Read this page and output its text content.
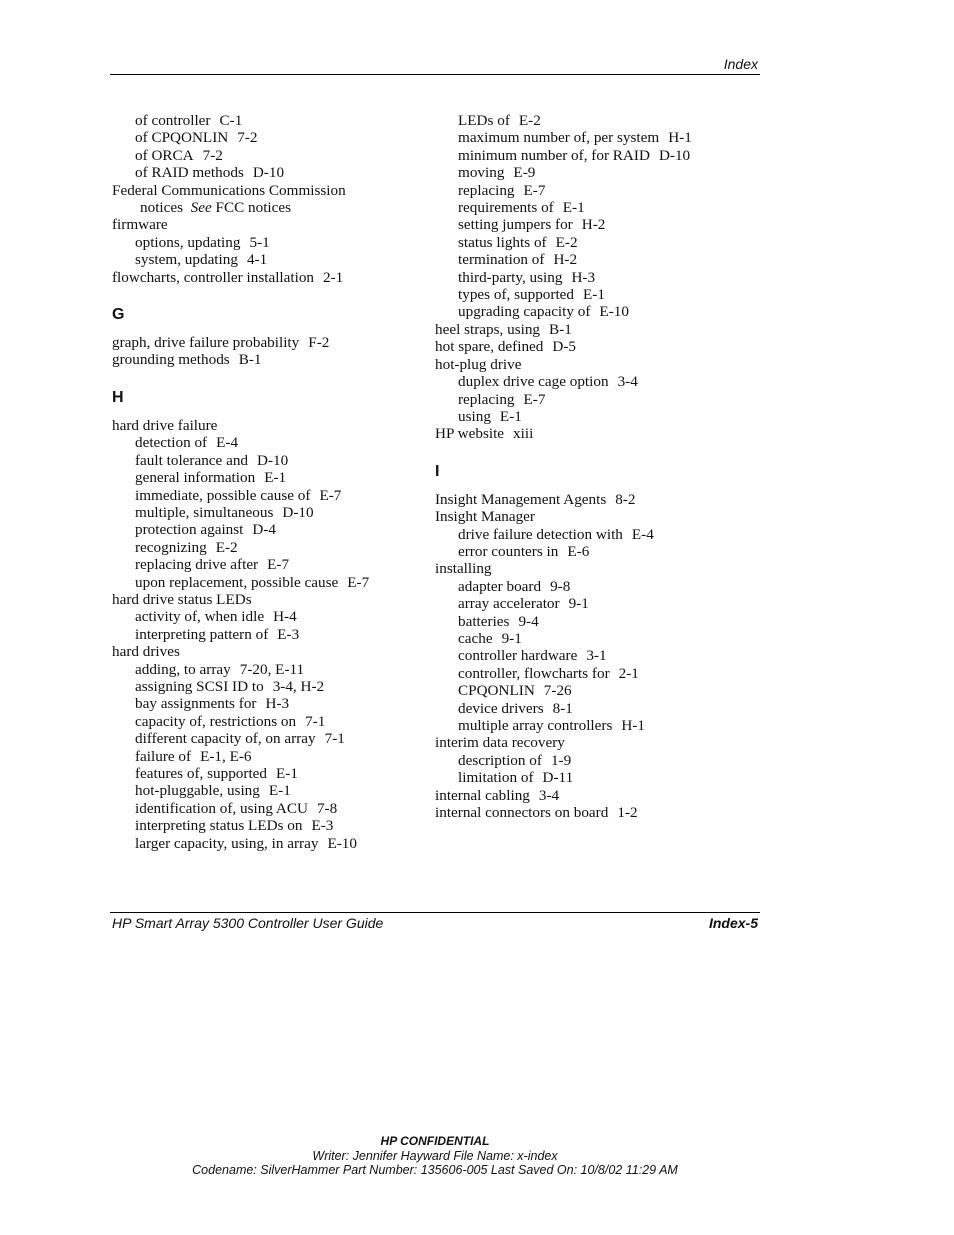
Index
of controller C-1
of CPQONLIN 7-2
of ORCA 7-2
of RAID methods D-10
Federal Communications Commission
notices See FCC notices
firmware
options, updating 5-1
system, updating 4-1
flowcharts, controller installation 2-1
G
graph, drive failure probability F-2
grounding methods B-1
H
hard drive failure
detection of E-4
fault tolerance and D-10
general information E-1
immediate, possible cause of E-7
multiple, simultaneous D-10
protection against D-4
recognizing E-2
replacing drive after E-7
upon replacement, possible cause E-7
hard drive status LEDs
activity of, when idle H-4
interpreting pattern of E-3
hard drives
adding, to array 7-20, E-11
assigning SCSI ID to 3-4, H-2
bay assignments for H-3
capacity of, restrictions on 7-1
different capacity of, on array 7-1
failure of E-1, E-6
features of, supported E-1
hot-pluggable, using E-1
identification of, using ACU 7-8
interpreting status LEDs on E-3
larger capacity, using, in array E-10
LEDs of E-2
maximum number of, per system H-1
minimum number of, for RAID D-10
moving E-9
replacing E-7
requirements of E-1
setting jumpers for H-2
status lights of E-2
termination of H-2
third-party, using H-3
types of, supported E-1
upgrading capacity of E-10
heel straps, using B-1
hot spare, defined D-5
hot-plug drive
duplex drive cage option 3-4
replacing E-7
using E-1
HP website xiii
I
Insight Management Agents 8-2
Insight Manager
drive failure detection with E-4
error counters in E-6
installing
adapter board 9-8
array accelerator 9-1
batteries 9-4
cache 9-1
controller hardware 3-1
controller, flowcharts for 2-1
CPQONLIN 7-26
device drivers 8-1
multiple array controllers H-1
interim data recovery
description of 1-9
limitation of D-11
internal cabling 3-4
internal connectors on board 1-2
HP Smart Array 5300 Controller User Guide	Index-5
HP CONFIDENTIAL
Writer: Jennifer Hayward File Name: x-index
Codename: SilverHammer Part Number: 135606-005 Last Saved On: 10/8/02 11:29 AM
